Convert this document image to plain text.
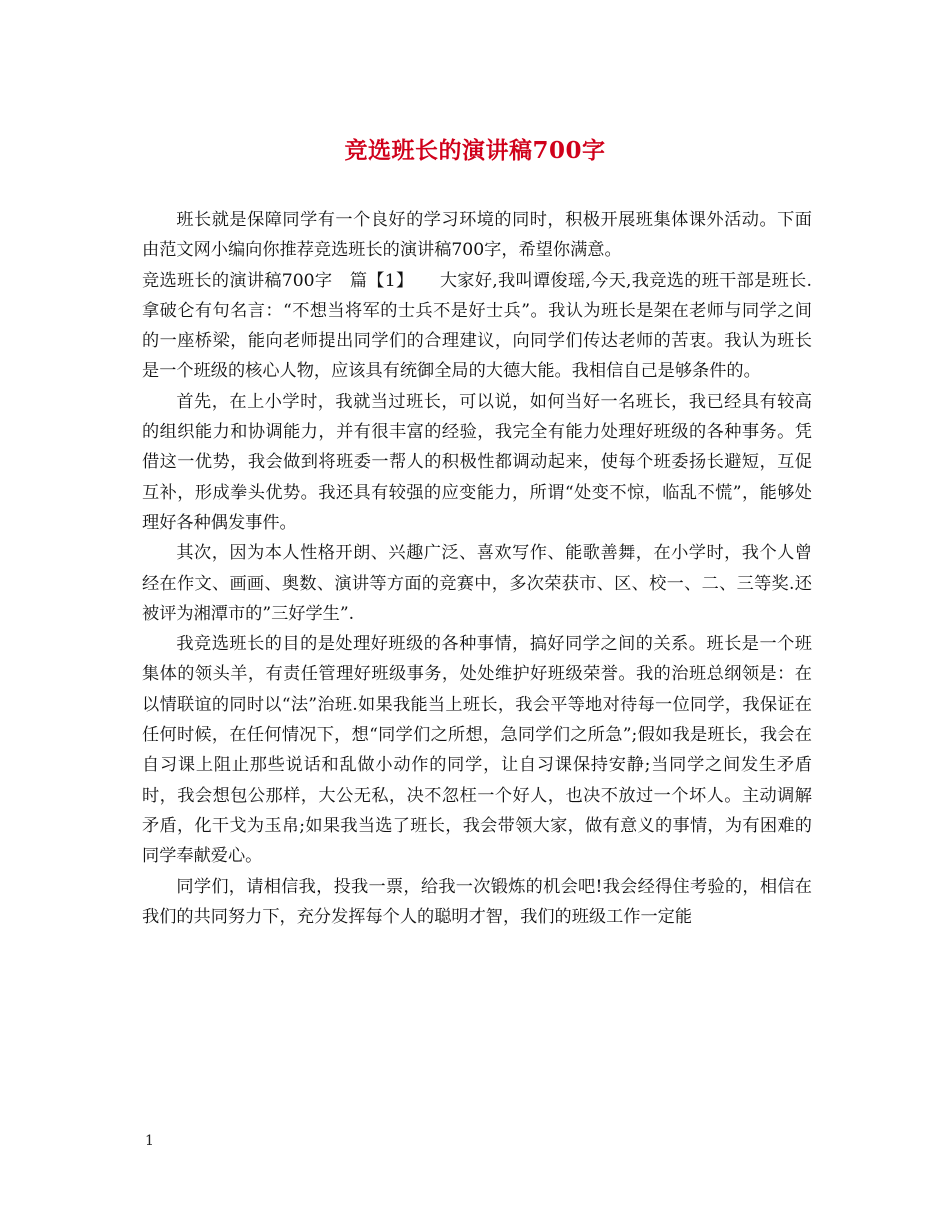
竞选班长的演讲稿700字

班长就是保障同学有一个良好的学习环境的同时，积极开展班集体课外活动。下面由范文网小编向你推荐竞选班长的演讲稿700字，希望你满意。

竞选班长的演讲稿700字　篇【1】　　大家好,我叫谭俊瑶,今天,我竞选的班干部是班长. 拿破仑有句名言：“不想当将军的士兵不是好士兵”。我认为班长是架在老师与同学之间的一座桥梁，能向老师提出同学们的合理建议，向同学们传达老师的苦衷。我认为班长是一个班级的核心人物，应该具有统御全局的大德大能。我相信自己是够条件的。

首先，在上小学时，我就当过班长，可以说，如何当好一名班长，我已经具有较高的组织能力和协调能力，并有很丰富的经验，我完全有能力处理好班级的各种事务。凭借这一优势，我会做到将班委一帮人的积极性都调动起来，使每个班委扬长避短，互促互补，形成拳头优势。我还具有较强的应变能力，所谓“处变不惊，临乱不慌”，能够处理好各种偶发事件。

其次，因为本人性格开朗、兴趣广泛、喜欢写作、能歌善舞，在小学时，我个人曾经在作文、画画、奥数、演讲等方面的竞赛中，多次荣获市、区、校一、二、三等奖.还被评为湘潭市的”三好学生”.

我竞选班长的目的是处理好班级的各种事情，搞好同学之间的关系。班长是一个班集体的领头羊，有责任管理好班级事务，处处维护好班级荣誉。我的治班总纲领是：在以情联谊的同时以“法”治班.如果我能当上班长，我会平等地对待每一位同学，我保证在任何时候，在任何情况下，想“同学们之所想，急同学们之所急”;假如我是班长，我会在自习课上阻止那些说话和乱做小动作的同学，让自习课保持安静;当同学之间发生矛盾时，我会想包公那样，大公无私，决不忽枉一个好人，也决不放过一个坏人。主动调解矛盾，化干戈为玉帛;如果我当选了班长，我会带领大家，做有意义的事情，为有困难的同学奉献爱心。

同学们，请相信我，投我一票，给我一次锻炼的机会吧!我会经得住考验的，相信在我们的共同努力下，充分发挥每个人的聪明才智，我们的班级工作一定能

1
